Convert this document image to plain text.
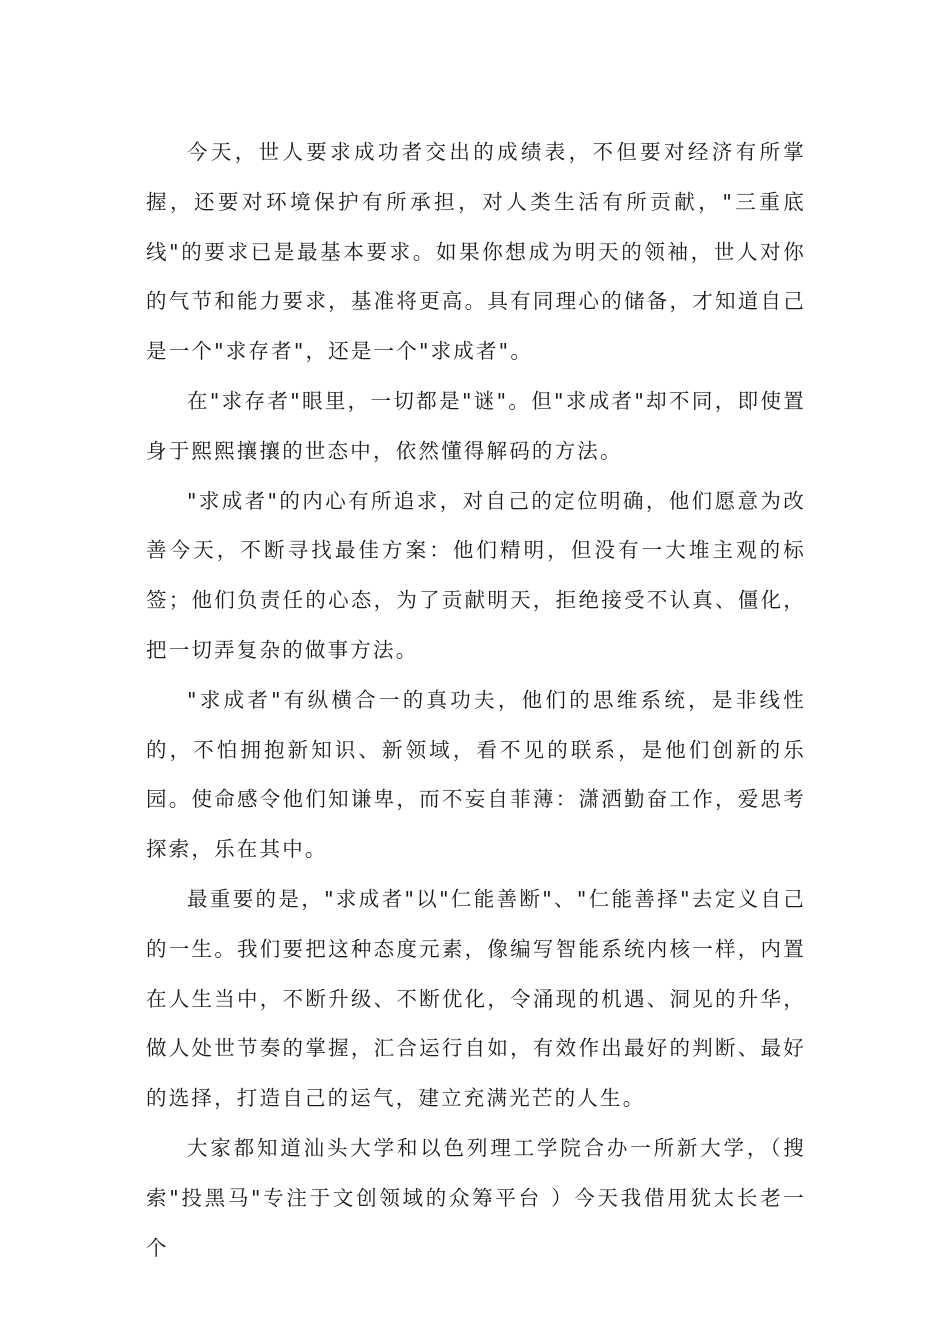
今天，世人要求成功者交出的成绩表，不但要对经济有所掌握，还要对环境保护有所承担，对人类生活有所贡献，"三重底线"的要求已是最基本要求。如果你想成为明天的领袖，世人对你的气节和能力要求，基准将更高。具有同理心的储备，才知道自己是一个"求存者"，还是一个"求成者"。

在"求存者"眼里，一切都是"谜"。但"求成者"却不同，即使置身于熙熙攘攘的世态中，依然懂得解码的方法。

"求成者"的内心有所追求，对自己的定位明确，他们愿意为改善今天，不断寻找最佳方案：他们精明，但没有一大堆主观的标签；他们负责任的心态，为了贡献明天，拒绝接受不认真、僵化，把一切弄复杂的做事方法。

"求成者"有纵横合一的真功夫，他们的思维系统，是非线性的，不怕拥抱新知识、新领域，看不见的联系，是他们创新的乐园。使命感令他们知谦卑，而不妄自菲薄：潇洒勤奋工作，爱思考探索，乐在其中。

最重要的是，"求成者"以"仁能善断"、"仁能善择"去定义自己的一生。我们要把这种态度元素，像编写智能系统内核一样，内置在人生当中，不断升级、不断优化，令涌现的机遇、洞见的升华，做人处世节奏的掌握，汇合运行自如，有效作出最好的判断、最好的选择，打造自己的运气，建立充满光芒的人生。

大家都知道汕头大学和以色列理工学院合办一所新大学，（搜索"投黑马"专注于文创领域的众筹平台 ）今天我借用犹太长老一个
